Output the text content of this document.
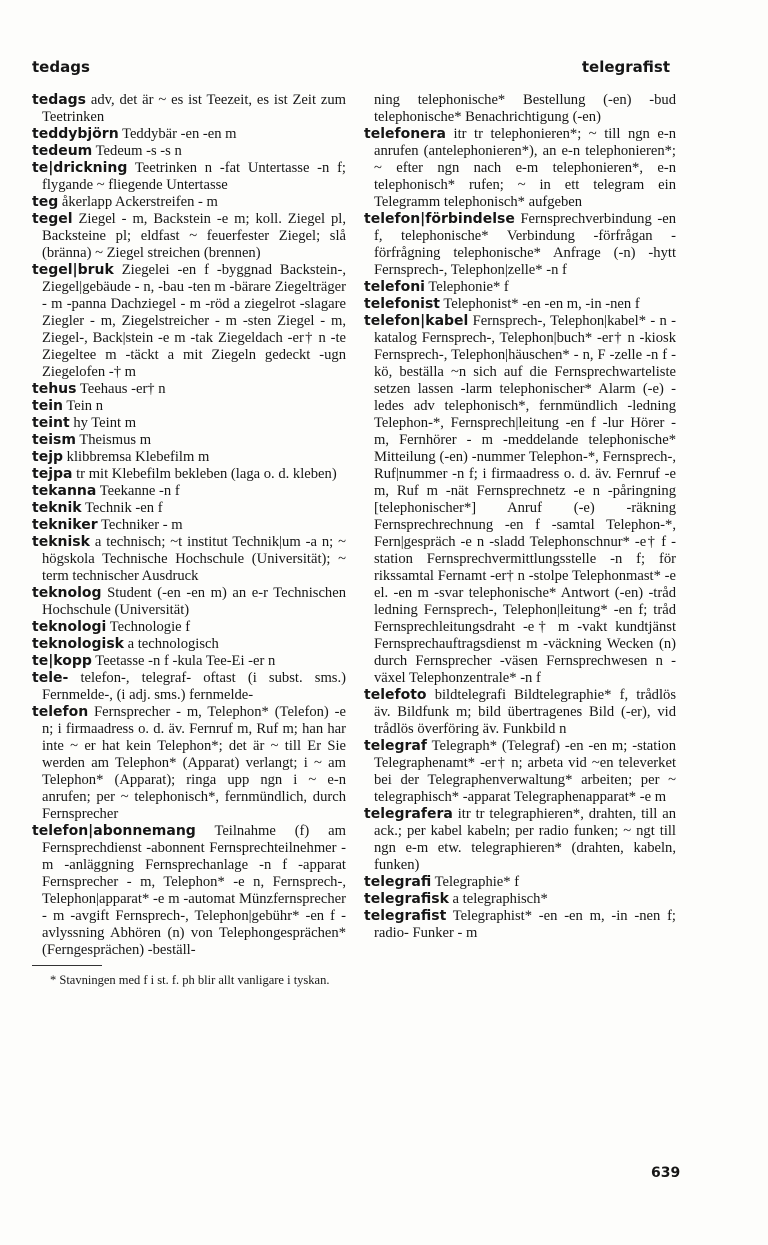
tedags	telegrafist

tedags adv, det är ~ es ist Teezeit, es ist Zeit zum Teetrinken

teddybjörn Teddybär -en -en m

tedeum Tedeum -s -s n

te|drickning Teetrinken n -fat Untertasse -n f; flygande ~ fliegende Untertasse

teg åkerlapp Ackerstreifen - m

tegel Ziegel - m, Backstein -e m; koll. Ziegel pl, Backsteine pl; eldfast ~ feuerfester Ziegel; slå (bränna) ~ Ziegel streichen (brennen)

tegel|bruk Ziegelei -en f -byggnad Backstein-, Ziegel|gebäude - n, -bau -ten m -bärare Ziegelträger - m -panna Dachziegel - m -röd a ziegelrot -slagare Ziegler - m, Ziegelstreicher - m -sten Ziegel - m, Ziegel-, Back|stein -e m -tak Ziegeldach -er† n -te Ziegeltee m -täckt a mit Ziegeln gedeckt -ugn Ziegelofen -† m

tehus Teehaus -er† n

tein Tein n

teint hy Teint m

teism Theismus m

tejp klibbremsa Klebefilm m

tejpa tr mit Klebefilm bekleben (laga o. d. kleben)

tekanna Teekanne -n f

teknik Technik -en f

tekniker Techniker - m

teknisk a technisch; ~t institut Technik|um -a n; ~ högskola Technische Hochschule (Universität); ~ term technischer Ausdruck

teknolog Student (-en -en m) an e-r Technischen Hochschule (Universität)

teknologi Technologie f

teknologisk a technologisch

te|kopp Teetasse -n f -kula Tee-Ei -er n

tele- telefon-, telegraf- oftast (i subst. sms.) Fernmelde-, (i adj. sms.) fernmelde-

telefon Fernsprecher - m, Telephon* (Telefon) -e n; i firmaadress o. d. äv. Fernruf m, Ruf m; han har inte ~ er hat kein Telephon*; det är ~ till Er Sie werden am Telephon* (Apparat) verlangt; i ~ am Telephon* (Apparat); ringa upp ngn i ~ e-n anrufen; per ~ telephonisch*, fernmündlich, durch Fernsprecher

telefon|abonnemang Teilnahme (f) am Fernsprechdienst -abonnent Fernsprechteilnehmer - m -anläggning Fernsprechanlage -n f -apparat Fernsprecher - m, Telephon* -e n, Fernsprech-, Telephon|apparat* -e m -automat Münzfernsprecher - m -avgift Fernsprech-, Telephon|gebühr* -en f -avlyssning Abhören (n) von Telephongesprächen* (Ferngesprächen) -beställ-

* Stavningen med f i st. f. ph blir allt vanligare i tyskan.

ning telephonische* Bestellung (-en) -bud telephonische* Benachrichtigung (-en)

telefonera itr tr telephonieren*; ~ till ngn e-n anrufen (antelephonieren*), an e-n telephonieren*; ~ efter ngn nach e-m telephonieren*, e-n telephonisch* rufen; ~ in ett telegram ein Telegramm telephonisch* aufgeben

telefon|förbindelse Fernsprechverbindung -en f, telephonische* Verbindung -förfrågan -förfrågning telephonische* Anfrage (-n) -hytt Fernsprech-, Telephon|zelle* -n f

telefoni Telephonie* f

telefonist Telephonist* -en -en m, -in -nen f

telefon|kabel Fernsprech-, Telephon|kabel* - n -katalog Fernsprech-, Telephon|buch* -er† n -kiosk Fernsprech-, Telephon|häuschen* - n, F -zelle -n f -kö, beställa ~n sich auf die Fernsprechwarteliste setzen lassen -larm telephonischer* Alarm (-e) -ledes adv telephonisch*, fernmündlich -ledning Telephon-*, Fernsprech|leitung -en f -lur Hörer - m, Fernhörer - m -meddelande telephonische* Mitteilung (-en) -nummer Telephon-*, Fernsprech-, Ruf|nummer -n f; i firmaadress o. d. äv. Fernruf -e m, Ruf m -nät Fernsprechnetz -e n -påringning [telephonischer*] Anruf (-e) -räkning Fernsprechrechnung -en f -samtal Telephon-*, Fern|gespräch -e n -sladd Telephonschnur* -e† f -station Fernsprechvermittlungsstelle -n f; för rikssamtal Fernamt -er† n -stolpe Telephonmast* -e el. -en m -svar telephonische* Antwort (-en) -tråd ledning Fernsprech-, Telephon|leitung* -en f; tråd Fernsprechleitungsdraht -e† m -vakt kundtjänst Fernsprechauftragsdienst m -väckning Wecken (n) durch Fernsprecher -väsen Fernsprechwesen n -växel Telephonzentrale* -n f

telefoto bildtelegrafi Bildtelegraphie* f, trådlös äv. Bildfunk m; bild übertragenes Bild (-er), vid trådlös överföring äv. Funkbild n

telegraf Telegraph* (Telegraf) -en -en m; -station Telegraphenamt* -er† n; arbeta vid ~en televerket bei der Telegraphenverwaltung* arbeiten; per ~ telegraphisch* -apparat Telegraphenapparat* -e m

telegrafera itr tr telegraphieren*, drahten, till an ack.; per kabel kabeln; per radio funken; ~ ngt till ngn e-m etw. telegraphieren* (drahten, kabeln, funken)

telegrafi Telegraphie* f

telegrafisk a telegraphisch*

telegrafist Telegraphist* -en -en m, -in -nen f; radio- Funker - m

639
